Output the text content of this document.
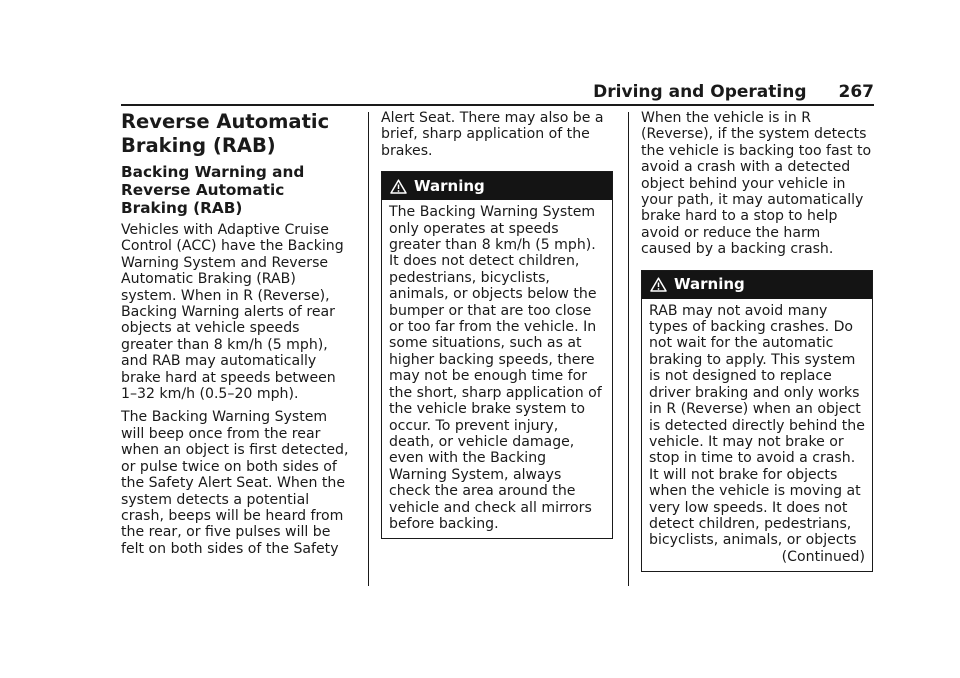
Driving and Operating 267
Reverse Automatic Braking (RAB)
Backing Warning and Reverse Automatic Braking (RAB)

Vehicles with Adaptive Cruise Control (ACC) have the Backing Warning System and Reverse Automatic Braking (RAB) system. When in R (Reverse), Backing Warning alerts of rear objects at vehicle speeds greater than 8 km/h (5 mph), and RAB may automatically brake hard at speeds between 1–32 km/h (0.5–20 mph).

The Backing Warning System will beep once from the rear when an object is first detected, or pulse twice on both sides of the Safety Alert Seat. When the system detects a potential crash, beeps will be heard from the rear, or five pulses will be felt on both sides of the Safety

Alert Seat. There may also be a brief, sharp application of the brakes.

Warning
The Backing Warning System only operates at speeds greater than 8 km/h (5 mph). It does not detect children, pedestrians, bicyclists, animals, or objects below the bumper or that are too close or too far from the vehicle. In some situations, such as at higher backing speeds, there may not be enough time for the short, sharp application of the vehicle brake system to occur. To prevent injury, death, or vehicle damage, even with the Backing Warning System, always check the area around the vehicle and check all mirrors before backing.

When the vehicle is in R (Reverse), if the system detects the vehicle is backing too fast to avoid a crash with a detected object behind your vehicle in your path, it may automatically brake hard to a stop to help avoid or reduce the harm caused by a backing crash.

Warning
RAB may not avoid many types of backing crashes. Do not wait for the automatic braking to apply. This system is not designed to replace driver braking and only works in R (Reverse) when an object is detected directly behind the vehicle. It may not brake or stop in time to avoid a crash. It will not brake for objects when the vehicle is moving at very low speeds. It does not detect children, pedestrians, bicyclists, animals, or objects
(Continued)
